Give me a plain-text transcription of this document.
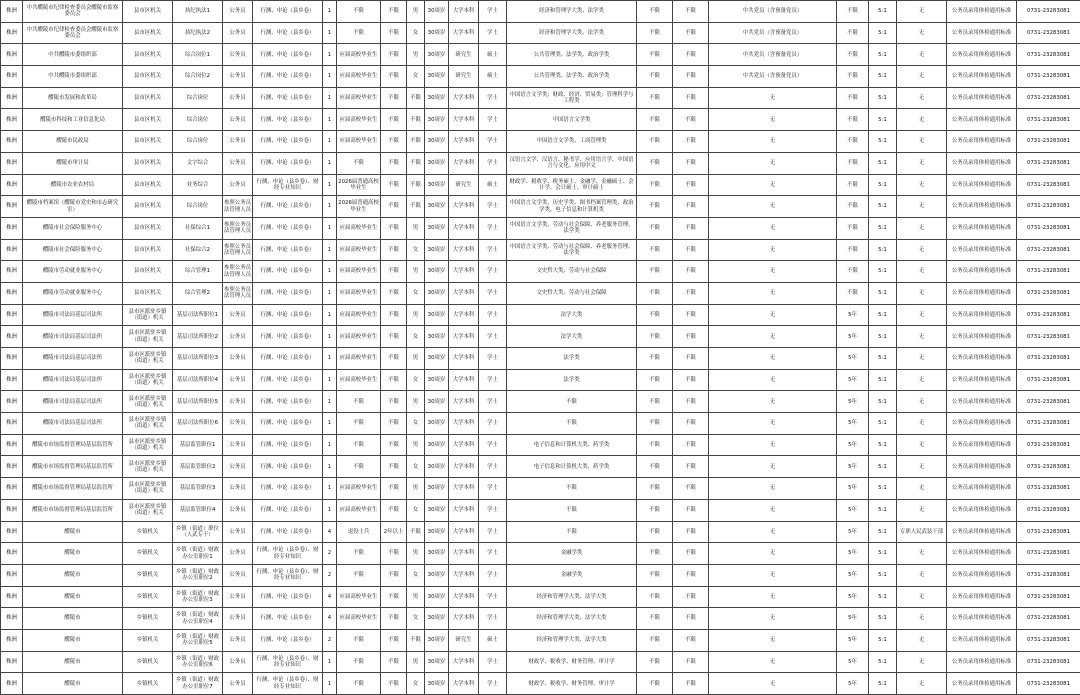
株洲	中共醴陵市纪律检查委员会醴陵市监察委员会	县市区机关	执纪执法1	公务员	行测、申论（县乡卷）	1	不限	不限	男	30周岁	大学本科	学士	经济和管理学大类、法学类	不限	不限	中共党员（含预备党员）	不限	5:1	无	公务员录用体检通用标准	0731-23283081
株洲	中共醴陵市纪律检查委员会醴陵市监察委员会	县市区机关	执纪执法2	公务员	行测、申论（县乡卷）	1	不限	不限	女	30周岁	大学本科	学士	经济和管理学大类、法学类	不限	不限	中共党员（含预备党员）	不限	5:1	无	公务员录用体检通用标准	0731-23283081
株洲	中共醴陵市委组织部	县市区机关	综合岗位1	公务员	行测、申论（县乡卷）	1	应届高校毕业生	不限	男	30周岁	研究生	硕士	公共管理类、法学类、政治学类	不限	不限	中共党员（含预备党员）	不限	5:1	无	公务员录用体检通用标准	0731-23283081
株洲	中共醴陵市委组织部	县市区机关	综合岗位2	公务员	行测、申论（县乡卷）	1	应届高校毕业生	不限	女	30周岁	研究生	硕士	公共管理类、法学类、政治学类	不限	不限	中共党员（含预备党员）	不限	5:1	无	公务员录用体检通用标准	0731-23283081
株洲	醴陵市发展和改革局	县市区机关	综合岗位	公务员	行测、申论（县乡卷）	1	应届高校毕业生	不限	不限	30周岁	大学本科	学士	中国语言文学类；财政、经济、贸易类；管理科学与工程类	不限	不限	无	不限	5:1	无	公务员录用体检通用标准	0731-23283081
株洲	醴陵市科技和工业信息化局	县市区机关	综合岗位	公务员	行测、申论（县乡卷）	1	应届高校毕业生	不限	不限	30周岁	大学本科	学士	中国语言文学类	不限	不限	无	不限	5:1	无	公务员录用体检通用标准	0731-23283081
株洲	醴陵市民政局	县市区机关	综合岗位	公务员	行测、申论（县乡卷）	1	应届高校毕业生	不限	不限	30周岁	大学本科	学士	中国语言文学类、工商管理类	不限	不限	无	不限	5:1	无	公务员录用体检通用标准	0731-23283081
株洲	醴陵市审计局	县市区机关	文字综合	公务员	行测、申论（县乡卷）	1	不限	不限	不限	30周岁	大学本科	学士	汉语言文学、汉语言、秘书学、应用语言学、中国语言与文化、应用中文	不限	不限	无	不限	5:1	无	公务员录用体检通用标准	0731-23283081
株洲	醴陵市农业农村局	县市区机关	业务综合	公务员	行测、申论（县乡卷）、财经专业知识	1	2026届普通高校毕业生	不限	不限	30周岁	研究生	硕士	财政学、税收学、税务硕士、金融学、金融硕士、会计学、会计硕士、审计硕士	不限	不限	无	不限	5:1	无	公务员录用体检通用标准	0731-23283081
株洲	醴陵市档案馆（醴陵市党史和市志研究室）	县市区机关	综合岗位	参照公务员法管理人员	行测、申论（县乡卷）	1	2026届普通高校毕业生	不限	不限	30周岁	大学本科	学士	中国语言文学类、历史学类、图书档案管理类、政治学类、电子信息和计算机类	不限	不限	无	不限	5:1	无	公务员录用体检通用标准	0731-23283081
株洲	醴陵市社会保险服务中心	县市区机关	社保综合1	参照公务员法管理人员	行测、申论（县乡卷）	1	应届高校毕业生	不限	男	30周岁	大学本科	学士	中国语言文学类、劳动与社会保障、养老服务管理、法学类	不限	不限	无	不限	5:1	无	公务员录用体检通用标准	0731-23283081
株洲	醴陵市社会保险服务中心	县市区机关	社保综合2	参照公务员法管理人员	行测、申论（县乡卷）	1	应届高校毕业生	不限	女	30周岁	大学本科	学士	中国语言文学类、劳动与社会保障、养老服务管理、法学类	不限	不限	无	不限	5:1	无	公务员录用体检通用标准	0731-23283081
株洲	醴陵市劳动就业服务中心	县市区机关	综合管理1	参照公务员法管理人员	行测、申论（县乡卷）	1	应届高校毕业生	不限	男	30周岁	大学本科	学士	文史哲大类、劳动与社会保障	不限	不限	无	不限	5:1	无	公务员录用体检通用标准	0731-23283081
株洲	醴陵市劳动就业服务中心	县市区机关	综合管理2	参照公务员法管理人员	行测、申论（县乡卷）	1	应届高校毕业生	不限	女	30周岁	大学本科	学士	文史哲大类、劳动与社会保障	不限	不限	无	不限	5:1	无	公务员录用体检通用标准	0731-23283081
株洲	醴陵市司法局基层司法所	县市区派驻乡镇（街道）机关	基层司法所职位1	公务员	行测、申论（县乡卷）	1	应届高校毕业生	不限	男	30周岁	大学本科	学士	法学大类	不限	不限	无	5年	5:1	无	公务员录用体检通用标准	0731-23283081
株洲	醴陵市司法局基层司法所	县市区派驻乡镇（街道）机关	基层司法所职位2	公务员	行测、申论（县乡卷）	1	应届高校毕业生	不限	女	30周岁	大学本科	学士	法学大类	不限	不限	无	5年	5:1	无	公务员录用体检通用标准	0731-23283081
株洲	醴陵市司法局基层司法所	县市区派驻乡镇（街道）机关	基层司法所职位3	公务员	行测、申论（县乡卷）	1	应届高校毕业生	不限	男	30周岁	大学本科	学士	法学类	不限	不限	无	5年	5:1	无	公务员录用体检通用标准	0731-23283081
株洲	醴陵市司法局基层司法所	县市区派驻乡镇（街道）机关	基层司法所职位4	公务员	行测、申论（县乡卷）	1	应届高校毕业生	不限	女	30周岁	大学本科	学士	法学类	不限	不限	无	5年	5:1	无	公务员录用体检通用标准	0731-23283081
株洲	醴陵市司法局基层司法所	县市区派驻乡镇（街道）机关	基层司法所职位5	公务员	行测、申论（县乡卷）	1	不限	不限	男	30周岁	大学本科	学士	不限	不限	不限	无	5年	5:1	无	公务员录用体检通用标准	0731-23283081
株洲	醴陵市司法局基层司法所	县市区派驻乡镇（街道）机关	基层司法所职位6	公务员	行测、申论（县乡卷）	1	不限	不限	女	30周岁	大学本科	学士	不限	不限	不限	无	5年	5:1	无	公务员录用体检通用标准	0731-23283081
株洲	醴陵市市场监督管理局基层监管所	县市区派驻乡镇（街道）机关	基层监管职位1	公务员	行测、申论（县乡卷）	1	不限	不限	男	30周岁	大学本科	学士	电子信息和计算机大类、药学类	不限	不限	无	5年	5:1	无	公务员录用体检通用标准	0731-23283081
株洲	醴陵市市场监督管理局基层监管所	县市区派驻乡镇（街道）机关	基层监管职位2	公务员	行测、申论（县乡卷）	1	不限	不限	女	30周岁	大学本科	学士	电子信息和计算机大类、药学类	不限	不限	无	5年	5:1	无	公务员录用体检通用标准	0731-23283081
株洲	醴陵市市场监督管理局基层监管所	县市区派驻乡镇（街道）机关	基层监管职位3	公务员	行测、申论（县乡卷）	1	应届高校毕业生	不限	男	30周岁	大学本科	学士	不限	不限	不限	无	5年	5:1	无	公务员录用体检通用标准	0731-23283081
株洲	醴陵市市场监督管理局基层监管所	县市区派驻乡镇（街道）机关	基层监管职位4	公务员	行测、申论（县乡卷）	1	应届高校毕业生	不限	女	30周岁	大学本科	学士	不限	不限	不限	无	5年	5:1	无	公务员录用体检通用标准	0731-23283081
株洲	醴陵市	乡镇机关	乡镇（街道）职位（人武专干）	公务员	行测、申论（县乡卷）	4	退役士兵	2年以上	不限	30周岁	大学本科	学士	不限	不限	不限	无	5年	5:1	专职人民武装干部	公务员录用体检通用标准	0731-23283081
株洲	醴陵市	乡镇机关	乡镇（街道）财政办公室职位1	公务员	行测、申论（县乡卷）、财经专业知识	2	不限	不限	男	30周岁	大学本科	学士	金融学类	不限	不限	无	5年	5:1	无	公务员录用体检通用标准	0731-23283081
株洲	醴陵市	乡镇机关	乡镇（街道）财政办公室职位2	公务员	行测、申论（县乡卷）、财经专业知识	2	不限	不限	女	30周岁	大学本科	学士	金融学类	不限	不限	无	5年	5:1	无	公务员录用体检通用标准	0731-23283081
株洲	醴陵市	乡镇机关	乡镇（街道）财政办公室职位3	公务员	行测、申论（县乡卷）	4	应届高校毕业生	不限	男	30周岁	大学本科	学士	经济和管理学大类、法学大类	不限	不限	无	5年	5:1	无	公务员录用体检通用标准	0731-23283081
株洲	醴陵市	乡镇机关	乡镇（街道）财政办公室职位4	公务员	行测、申论（县乡卷）	4	应届高校毕业生	不限	女	30周岁	大学本科	学士	经济和管理学大类、法学大类	不限	不限	无	5年	5:1	无	公务员录用体检通用标准	0731-23283081
株洲	醴陵市	乡镇机关	乡镇（街道）财政办公室职位5	公务员	行测、申论（县乡卷）	2	不限	不限	不限	30周岁	研究生	硕士	经济和管理学大类、法学大类	不限	不限	无	5年	5:1	无	公务员录用体检通用标准	0731-23283081
株洲	醴陵市	乡镇机关	乡镇（街道）财政办公室职位6	公务员	行测、申论（县乡卷）、财经专业知识	1	不限	不限	男	30周岁	大学本科	学士	财政学、税收学、财务管理、审计学	不限	不限	无	5年	5:1	无	公务员录用体检通用标准	0731-23283081
株洲	醴陵市	乡镇机关	乡镇（街道）财政办公室职位7	公务员	行测、申论（县乡卷）、财经专业知识	1	不限	不限	女	30周岁	大学本科	学士	财政学、税收学、财务管理、审计学	不限	不限	无	5年	5:1	无	公务员录用体检通用标准	0731-23283081
